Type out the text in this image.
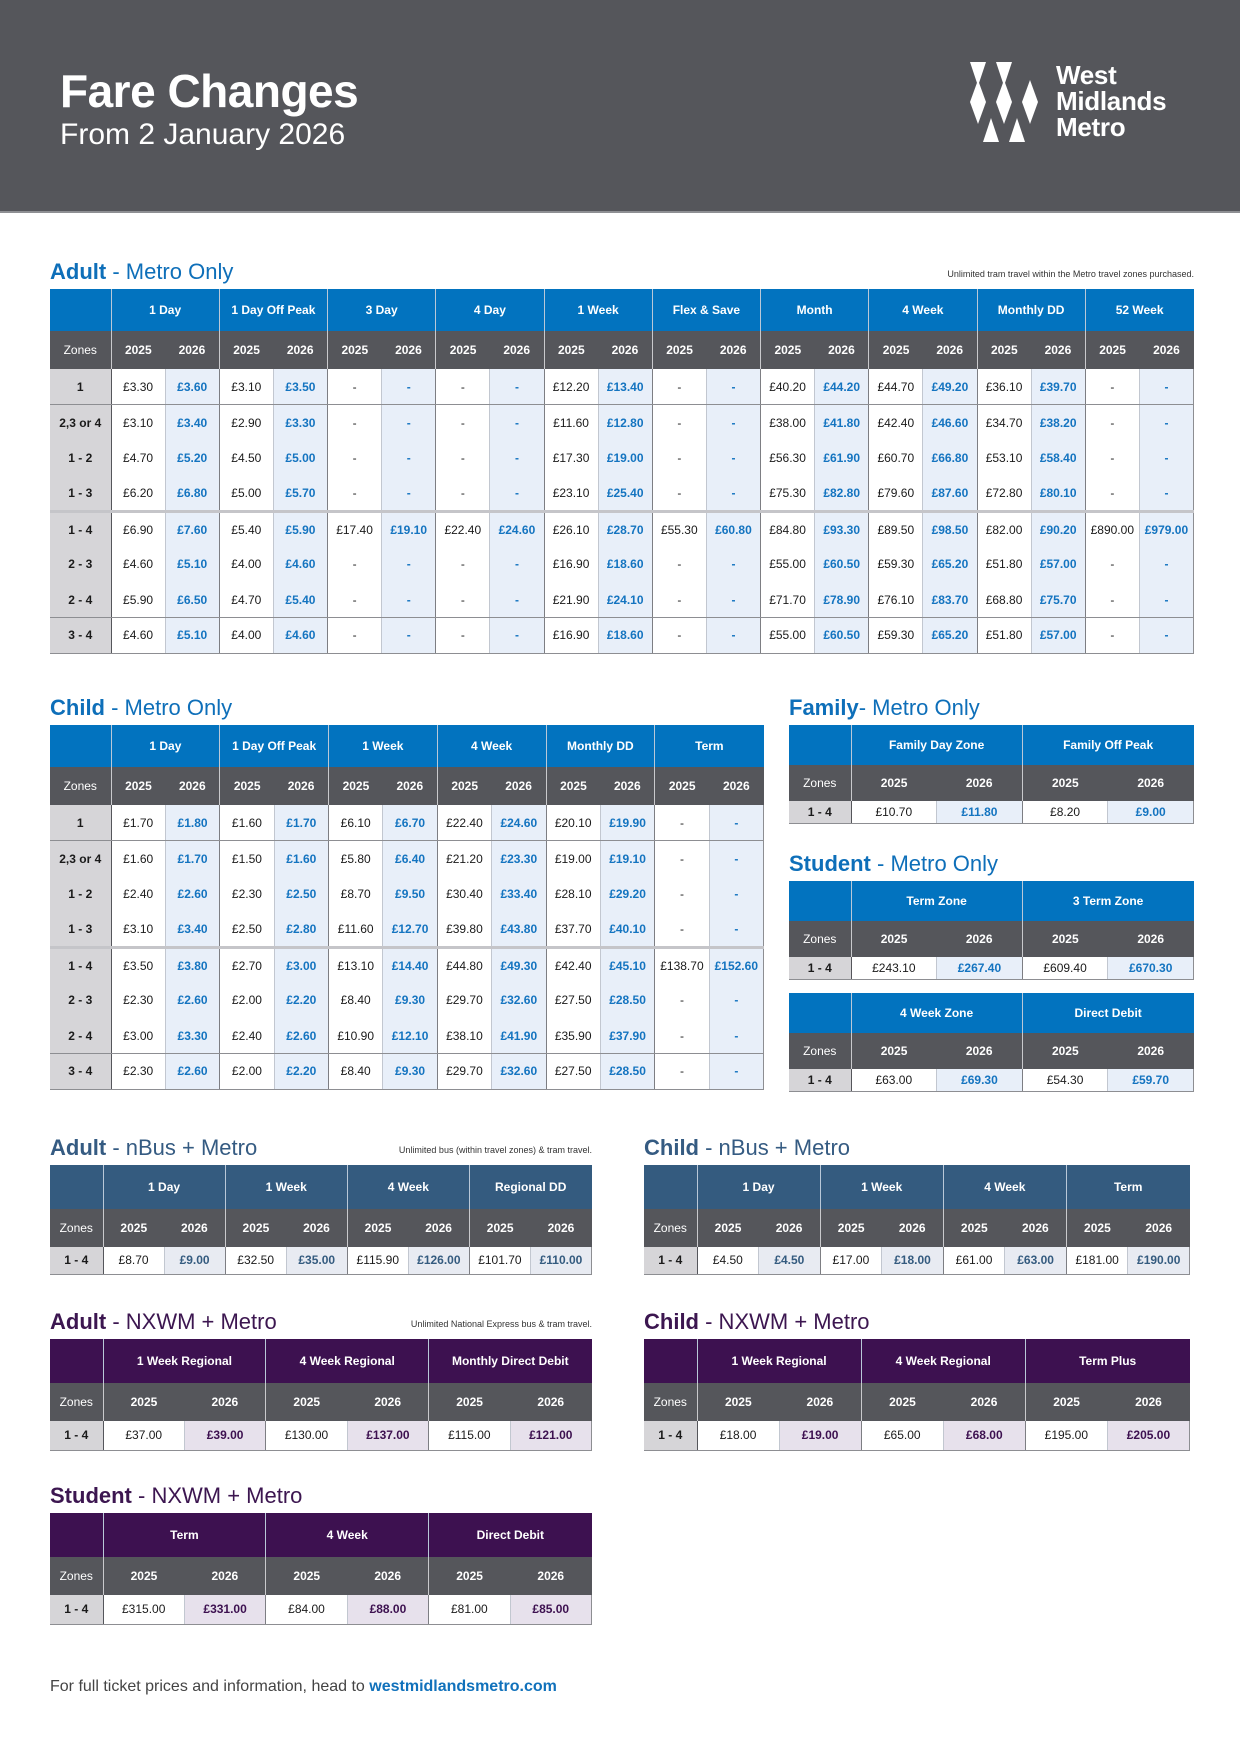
Fare Changes
From 2 January 2026
West
Midlands
Metro
Adult - Metro Only	Unlimited tram travel within the Metro travel zones purchased.
	1 Day		1 Day Off Peak		3 Day		4 Day		1 Week		Flex & Save		Month		4 Week		Monthly DD		52 Week	
Zones	2025	2026	2025	2026	2025	2026	2025	2026	2025	2026	2025	2026	2025	2026	2025	2026	2025	2026	2025	2026
1	£3.30	£3.60	£3.10	£3.50	-	-	-	-	£12.20	£13.40	-	-	£40.20	£44.20	£44.70	£49.20	£36.10	£39.70	-	-
2,3 or 4	£3.10	£3.40	£2.90	£3.30	-	-	-	-	£11.60	£12.80	-	-	£38.00	£41.80	£42.40	£46.60	£34.70	£38.20	-	-
1 - 2	£4.70	£5.20	£4.50	£5.00	-	-	-	-	£17.30	£19.00	-	-	£56.30	£61.90	£60.70	£66.80	£53.10	£58.40	-	-
1 - 3	£6.20	£6.80	£5.00	£5.70	-	-	-	-	£23.10	£25.40	-	-	£75.30	£82.80	£79.60	£87.60	£72.80	£80.10	-	-
1 - 4	£6.90	£7.60	£5.40	£5.90	£17.40	£19.10	£22.40	£24.60	£26.10	£28.70	£55.30	£60.80	£84.80	£93.30	£89.50	£98.50	£82.00	£90.20	£890.00	£979.00
2 - 3	£4.60	£5.10	£4.00	£4.60	-	-	-	-	£16.90	£18.60	-	-	£55.00	£60.50	£59.30	£65.20	£51.80	£57.00	-	-
2 - 4	£5.90	£6.50	£4.70	£5.40	-	-	-	-	£21.90	£24.10	-	-	£71.70	£78.90	£76.10	£83.70	£68.80	£75.70	-	-
3 - 4	£4.60	£5.10	£4.00	£4.60	-	-	-	-	£16.90	£18.60	-	-	£55.00	£60.50	£59.30	£65.20	£51.80	£57.00	-	-
Child - Metro Only
	1 Day		1 Day Off Peak		1 Week		4 Week		Monthly DD		Term	
Zones	2025	2026	2025	2026	2025	2026	2025	2026	2025	2026	2025	2026
1	£1.70	£1.80	£1.60	£1.70	£6.10	£6.70	£22.40	£24.60	£20.10	£19.90	-	-
2,3 or 4	£1.60	£1.70	£1.50	£1.60	£5.80	£6.40	£21.20	£23.30	£19.00	£19.10	-	-
1 - 2	£2.40	£2.60	£2.30	£2.50	£8.70	£9.50	£30.40	£33.40	£28.10	£29.20	-	-
1 - 3	£3.10	£3.40	£2.50	£2.80	£11.60	£12.70	£39.80	£43.80	£37.70	£40.10	-	-
1 - 4	£3.50	£3.80	£2.70	£3.00	£13.10	£14.40	£44.80	£49.30	£42.40	£45.10	£138.70	£152.60
2 - 3	£2.30	£2.60	£2.00	£2.20	£8.40	£9.30	£29.70	£32.60	£27.50	£28.50	-	-
2 - 4	£3.00	£3.30	£2.40	£2.60	£10.90	£12.10	£38.10	£41.90	£35.90	£37.90	-	-
3 - 4	£2.30	£2.60	£2.00	£2.20	£8.40	£9.30	£29.70	£32.60	£27.50	£28.50	-	-
Family- Metro Only
	Family Day Zone		Family Off Peak	
Zones	2025	2026	2025	2026
1 - 4	£10.70	£11.80	£8.20	£9.00
Student - Metro Only
	Term Zone		3 Term Zone	
Zones	2025	2026	2025	2026
1 - 4	£243.10	£267.40	£609.40	£670.30
	4 Week Zone		Direct Debit	
Zones	2025	2026	2025	2026
1 - 4	£63.00	£69.30	£54.30	£59.70
Adult - nBus + Metro	Unlimited bus (within travel zones) & tram travel.
	1 Day		1 Week		4 Week		Regional DD	
Zones	2025	2026	2025	2026	2025	2026	2025	2026
1 - 4	£8.70	£9.00	£32.50	£35.00	£115.90	£126.00	£101.70	£110.00
Child - nBus + Metro
	1 Day		1 Week		4 Week		Term	
Zones	2025	2026	2025	2026	2025	2026	2025	2026
1 - 4	£4.50	£4.50	£17.00	£18.00	£61.00	£63.00	£181.00	£190.00
Adult - NXWM + Metro	Unlimited National Express bus & tram travel.
	1 Week Regional		4 Week Regional		Monthly Direct Debit	
Zones	2025	2026	2025	2026	2025	2026
1 - 4	£37.00	£39.00	£130.00	£137.00	£115.00	£121.00
Child - NXWM + Metro
	1 Week Regional		4 Week Regional		Term Plus	
Zones	2025	2026	2025	2026	2025	2026
1 - 4	£18.00	£19.00	£65.00	£68.00	£195.00	£205.00
Student - NXWM + Metro
	Term		4 Week		Direct Debit	
Zones	2025	2026	2025	2026	2025	2026
1 - 4	£315.00	£331.00	£84.00	£88.00	£81.00	£85.00
For full ticket prices and information, head to westmidlandsmetro.com
